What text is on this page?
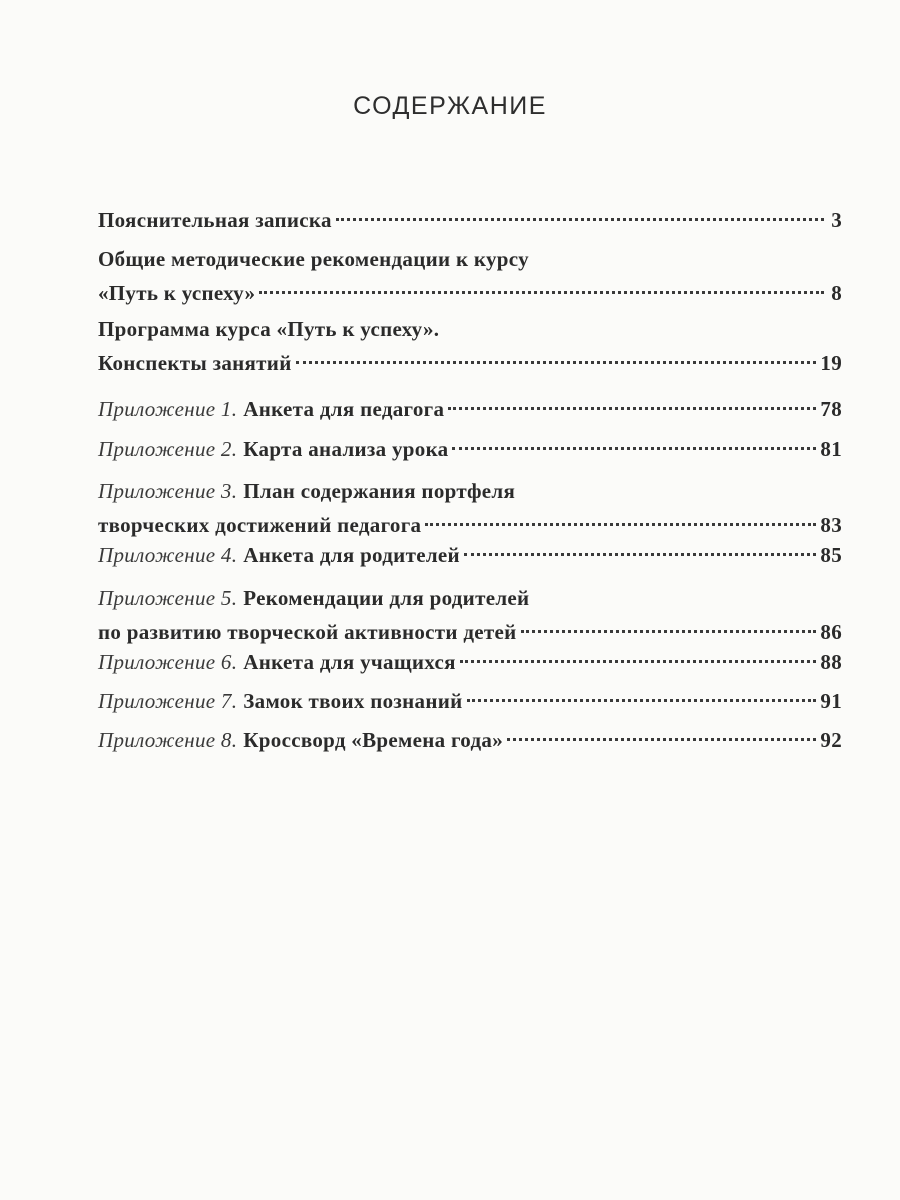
СОДЕРЖАНИЕ
Пояснительная записка	3
Общие методические рекомендации к курсу
«Путь к успеху»	8
Программа курса «Путь к успеху».
Конспекты занятий	19
Приложение 1. Анкета для педагога	78
Приложение 2. Карта анализа урока	81
Приложение 3. План содержания портфеля
творческих достижений педагога	83
Приложение 4. Анкета для родителей	85
Приложение 5. Рекомендации для родителей
по развитию творческой активности детей	86
Приложение 6. Анкета для учащихся	88
Приложение 7. Замок твоих познаний	91
Приложение 8. Кроссворд «Времена года»	92
